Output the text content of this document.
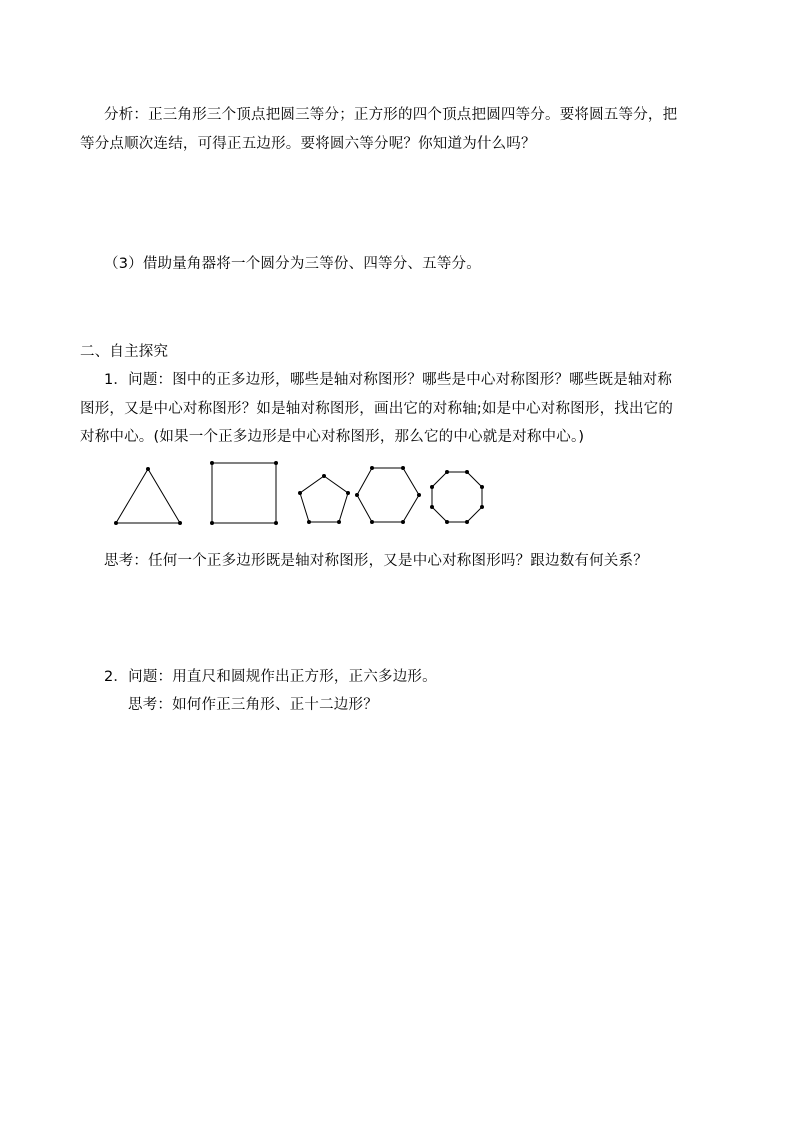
分析：正三角形三个顶点把圆三等分；正方形的四个顶点把圆四等分。要将圆五等分，把
等分点顺次连结，可得正五边形。要将圆六等分呢？你知道为什么吗？
（3）借助量角器将一个圆分为三等份、四等分、五等分。
二、自主探究
1．问题：图中的正多边形，哪些是轴对称图形？哪些是中心对称图形？哪些既是轴对称
图形，又是中心对称图形？如是轴对称图形，画出它的对称轴;如是中心对称图形，找出它的
对称中心。(如果一个正多边形是中心对称图形，那么它的中心就是对称中心。)
思考：任何一个正多边形既是轴对称图形，又是中心对称图形吗？跟边数有何关系？
2．问题：用直尺和圆规作出正方形，正六多边形。
思考：如何作正三角形、正十二边形？
